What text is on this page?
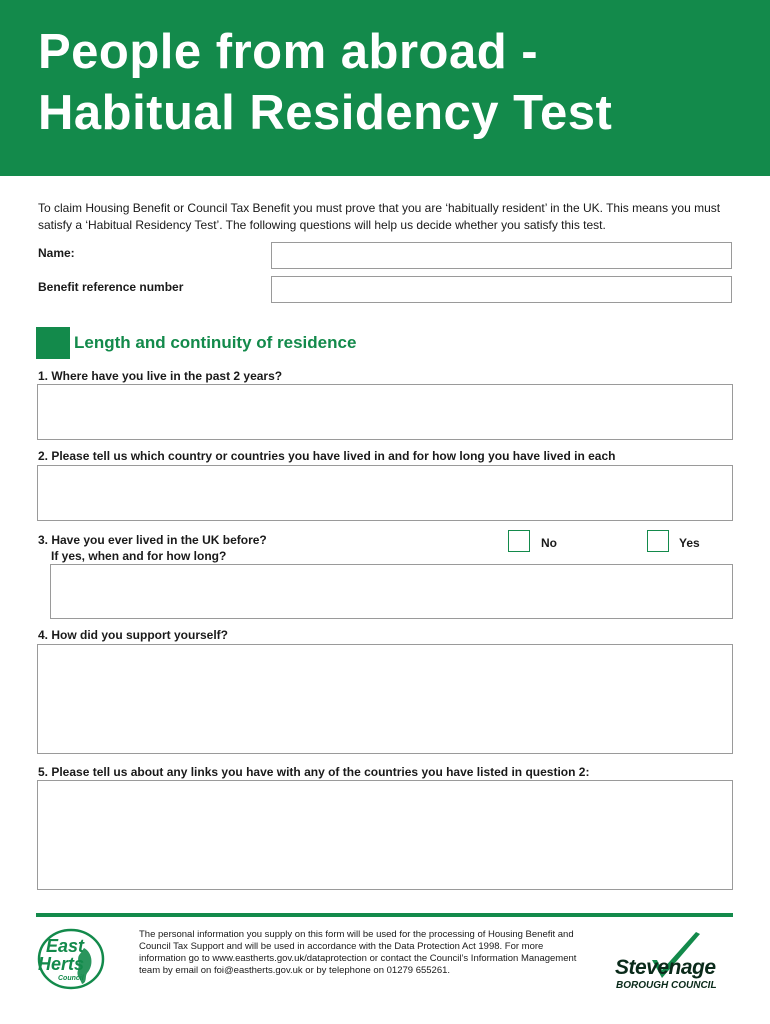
People from abroad -
Habitual Residency Test

To claim Housing Benefit or Council Tax Benefit you must prove that you are ‘habitually resident’ in the UK. This means you must satisfy a ‘Habitual Residency Test’. The following questions will help us decide whether you satisfy this test.

Name:
Benefit reference number
Length and continuity of residence
1. Where have you live in the past 2 years?
2. Please tell us which country or countries you have lived in and for how long you have lived in each
3. Have you ever lived in the UK before?
If yes, when and for how long?
No	Yes
4. How did you support yourself?
5. Please tell us about any links you have with any of the countries you have listed in question 2:
East
Herts
Council
The personal information you supply on this form will be used for the processing of Housing Benefit and Council Tax Support and will be used in accordance with the Data Protection Act 1998. For more information go to www.eastherts.gov.uk/dataprotection or contact the Council’s Information Management team by email on foi@eastherts.gov.uk or by telephone on 01279 655261.	Stevenage
BOROUGH COUNCIL
